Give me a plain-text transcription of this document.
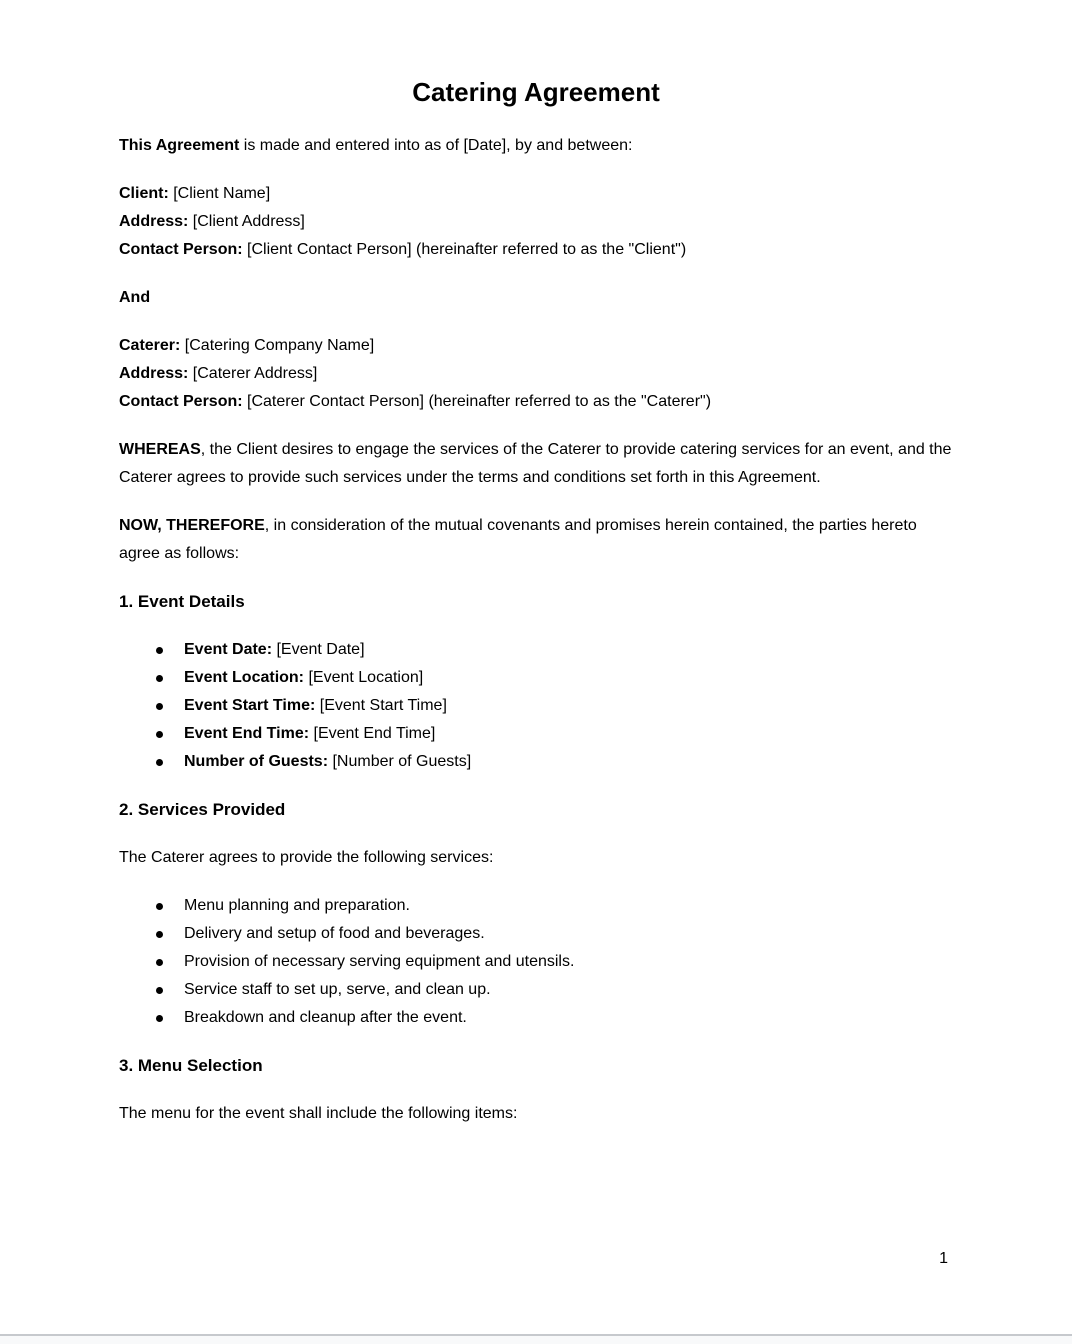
Catering Agreement

This Agreement is made and entered into as of [Date], by and between:

Client: [Client Name]
Address: [Client Address]
Contact Person: [Client Contact Person] (hereinafter referred to as the "Client")

And

Caterer: [Catering Company Name]
Address: [Caterer Address]
Contact Person: [Caterer Contact Person] (hereinafter referred to as the "Caterer")

WHEREAS, the Client desires to engage the services of the Caterer to provide catering services for an event, and the Caterer agrees to provide such services under the terms and conditions set forth in this Agreement.

NOW, THEREFORE, in consideration of the mutual covenants and promises herein contained, the parties hereto agree as follows:

1. Event Details
Event Date: [Event Date]
Event Location: [Event Location]
Event Start Time: [Event Start Time]
Event End Time: [Event End Time]
Number of Guests: [Number of Guests]
2. Services Provided

The Caterer agrees to provide the following services:

Menu planning and preparation.
Delivery and setup of food and beverages.
Provision of necessary serving equipment and utensils.
Service staff to set up, serve, and clean up.
Breakdown and cleanup after the event.
3. Menu Selection

The menu for the event shall include the following items:

1
